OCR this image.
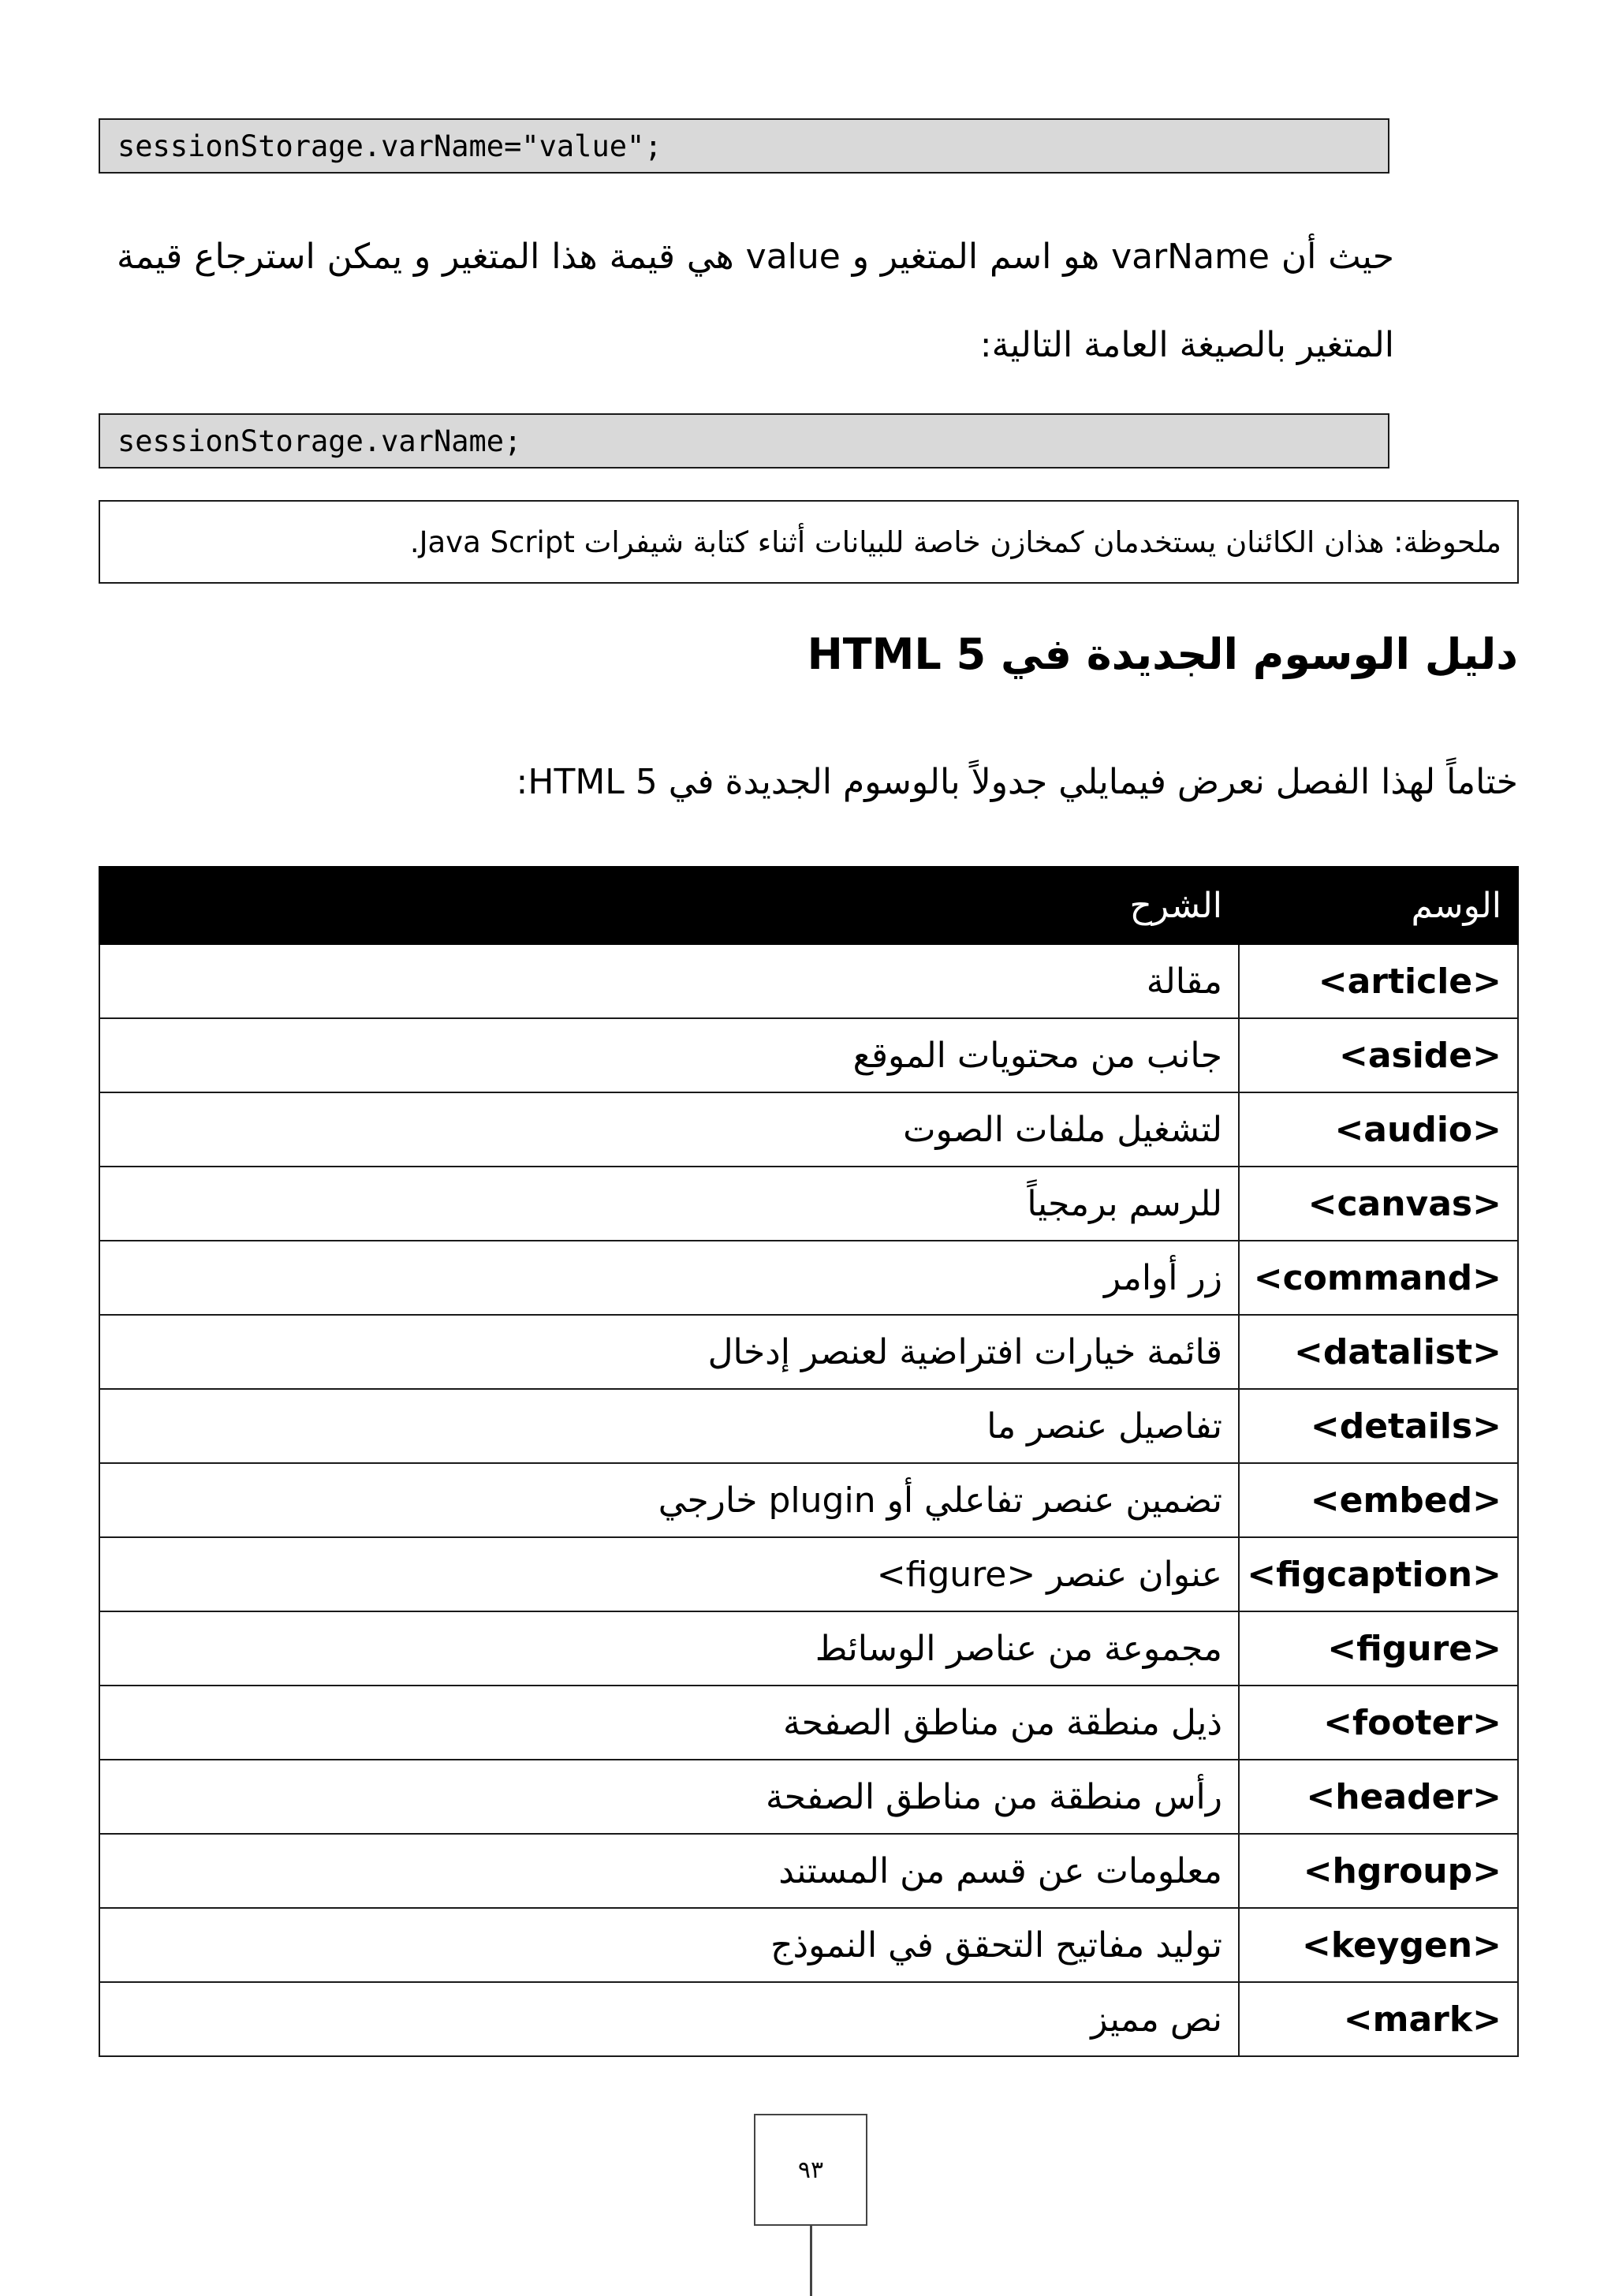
sessionStorage.varName="value";
حيث أن varName هو اسم المتغير و value هي قيمة هذا المتغير و يمكن استرجاع قيمة المتغير بالصيغة العامة التالية:
sessionStorage.varName;
ملحوظة: هذان الكائنان يستخدمان كمخازن خاصة للبيانات أثناء كتابة شيفرات Java Script.
دليل الوسوم الجديدة في HTML 5
ختاماً لهذا الفصل نعرض فيمايلي جدولاً بالوسوم الجديدة في HTML 5:
الوسم	الشرح
<article>	مقالة
<aside>	جانب من محتويات الموقع
<audio>	لتشغيل ملفات الصوت
<canvas>	للرسم برمجياً
<command>	زر أوامر
<datalist>	قائمة خيارات افتراضية لعنصر إدخال
<details>	تفاصيل عنصر ما
<embed>	تضمين عنصر تفاعلي أو plugin خارجي
<figcaption>	عنوان عنصر <figure>
<figure>	مجموعة من عناصر الوسائط
<footer>	ذيل منطقة من مناطق الصفحة
<header>	رأس منطقة من مناطق الصفحة
<hgroup>	معلومات عن قسم من المستند
<keygen>	توليد مفاتيح التحقق في النموذج
<mark>	نص مميز
٩٣
